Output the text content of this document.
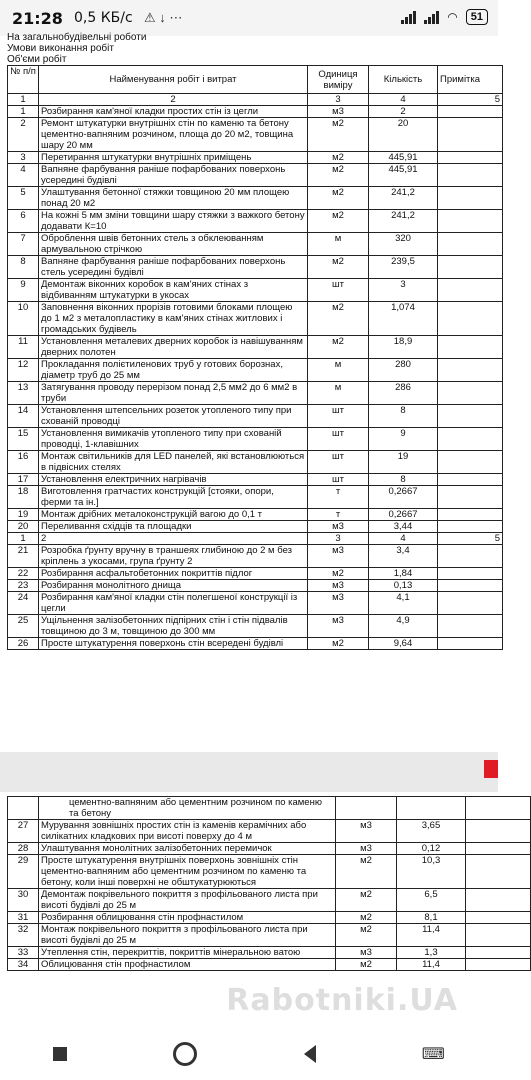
21:28 0,5 КБ/с ⚠ ↓ ⋯	◠	51
На загальнобудівельні роботи
Умови виконання робіт
Об'єми робіт
№ п/п	Найменування робіт і витрат	Одиниця виміру	Кількість	Примітка
1	2	3	4	5
1	Розбирання кам'яної кладки простих стін із цегли	м3	2	
2	Ремонт штукатурки внутрішніх стін по каменю та бетону цементно-вапняним розчином, площа до 20 м2, товщина шару 20 мм	м2	20	
3	Перетирання штукатурки внутрішніх приміщень	м2	445,91	
4	Вапняне фарбування раніше пофарбованих поверхонь усередині будівлі	м2	445,91	
5	Улаштування бетонної стяжки товщиною 20 мм площею понад 20 м2	м2	241,2	
6	На кожні 5 мм зміни товщини шару стяжки з важкого бетону додавати К=10	м2	241,2	
7	Оброблення швів бетонних стель з обклеюванням армувальною стрічкою	м	320	
8	Вапняне фарбування раніше пофарбованих поверхонь стель усередині будівлі	м2	239,5	
9	Демонтаж віконних коробок в кам'яних стінах з відбиванням штукатурки в укосах	шт	3	
10	Заповнення віконних прорізів готовими блоками площею до 1 м2 з металопластику в кам'яних стінах житлових і громадських будівель	м2	1,074	
11	Установлення металевих дверних коробок із навішуванням дверних полотен	м2	18,9	
12	Прокладання полієтиленових труб у готових борознах, діаметр труб до 25 мм	м	280	
13	Затягування проводу перерізом понад 2,5 мм2 до 6 мм2 в труби	м	286	
14	Установлення штепсельних розеток утопленого типу при схованій проводці	шт	8	
15	Установлення вимикачів утопленого типу при схованій проводці, 1-клавішних	шт	9	
16	Монтаж світильників для LED панелей, які встановлюються в підвісних стелях	шт	19	
17	Установлення електричних нагрівачів	шт	8	
18	Виготовлення гратчастих конструкцій [стояки, опори, ферми та ін.]	т	0,2667	
19	Монтаж дрібних металоконструкцій вагою до 0,1 т	т	0,2667	
20	Переливання східців та площадки	м3	3,44	
1	2	3	4	5
21	Розробка ґрунту вручну в траншеях глибиною до 2 м без кріплень з укосами, група ґрунту 2	м3	3,4	
22	Розбирання асфальтобетонних покриттів підлог	м2	1,84	
23	Розбирання монолітного днища	м3	0,13	
24	Розбирання кам'яної кладки стін полегшеної конструкції із цегли	м3	4,1	
25	Ущільнення залізобетонних підпірних стін і стін підвалів товщиною до 3 м, товщиною до 300 мм	м3	4,9	
26	Просте штукатурення поверхонь стін всередені будівлі	м2	9,64	
	цементно-вапняним або цементним розчином по каменю та бетону			
27	Мурування зовнішніх простих стін із каменів керамічних або силікатних кладкових при висоті поверху до 4 м	м3	3,65	
28	Улаштування монолітних залізобетонних перемичок	м3	0,12	
29	Просте штукатурення внутрішніх поверхонь зовнішніх стін цементно-вапняним або цементним розчином по каменю та бетону, коли інші поверхні не обштукатурюються	м2	10,3	
30	Демонтаж покрівельного покриття з профільованого листа при висоті будівлі до 25 м	м2	6,5	
31	Розбирання облицювання стін профнастилом	м2	8,1	
32	Монтаж покрівельного покриття з профільованого листа при висоті будівлі до 25 м	м2	11,4	
33	Утеплення стін, перекриттів, покриттів мінеральною ватою	м3	1,3	
34	Облицювання стін профнастилом	м2	11,4	
Rabotniki.UA
⌨
